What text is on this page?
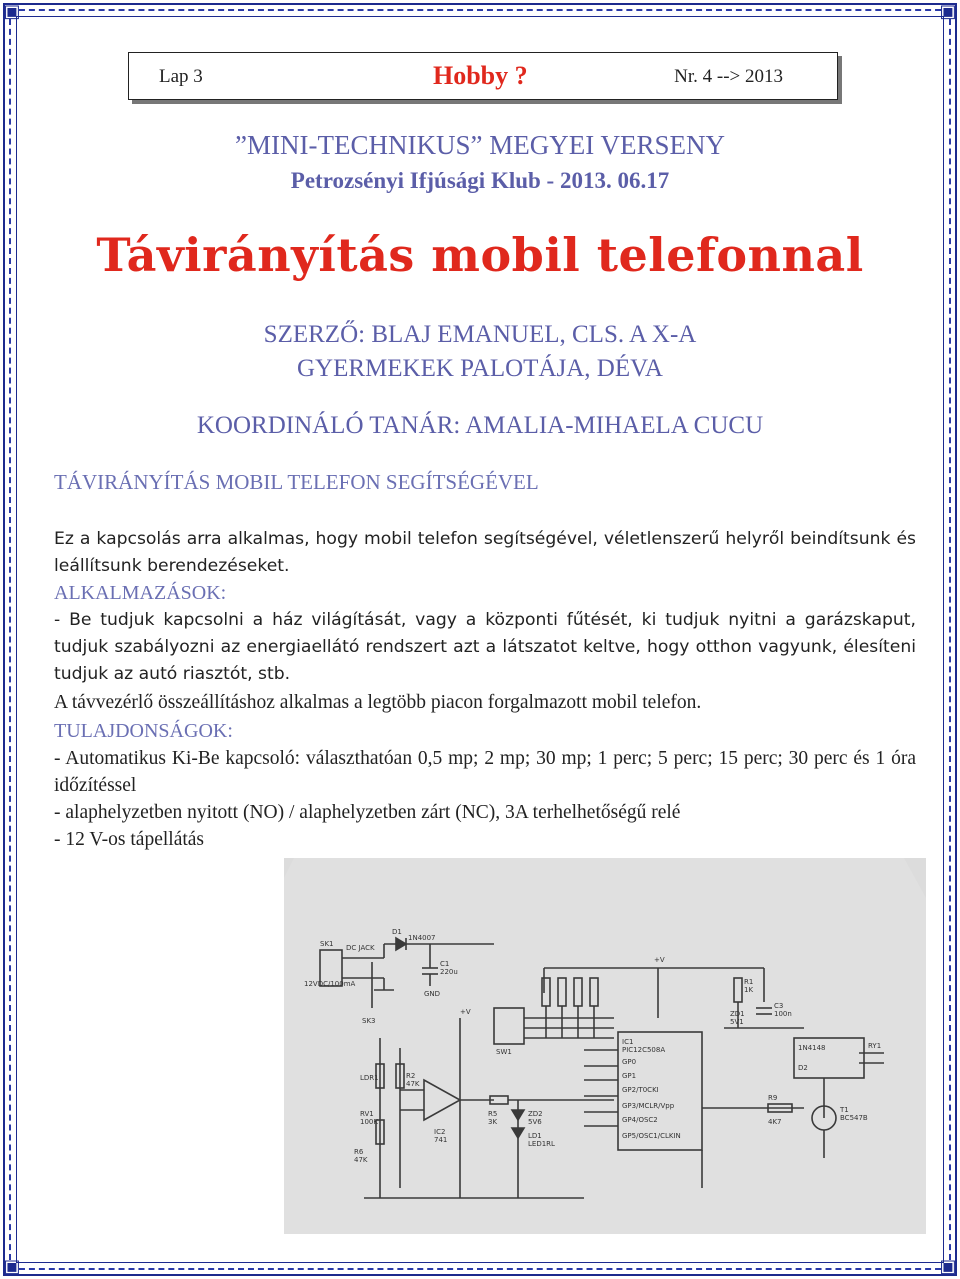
▣	▣
▣	▣
Lap 3	Hobby ?	Nr. 4 --> 2013
”MINI-TECHNIKUS” MEGYEI VERSENY
Petrozsényi Ifjúsági Klub - 2013. 06.17
Távirányítás mobil telefonnal
SZERZŐ: BLAJ EMANUEL, CLS. A X-A
GYERMEKEK PALOTÁJA, DÉVA
KOORDINÁLÓ TANÁR: AMALIA-MIHAELA CUCU
TÁVIRÁNYÍTÁS MOBIL TELEFON SEGÍTSÉGÉVEL
Ez a kapcsolás arra alkalmas, hogy mobil telefon segítségével, véletlenszerű helyről beindítsunk és leállítsunk berendezéseket.
ALKALMAZÁSOK:
- Be tudjuk kapcsolni a ház világítását, vagy a központi fűtését, ki tudjuk nyitni a garázskaput, tudjuk szabályozni az energiaellátó rendszert azt a látszatot keltve, hogy otthon vagyunk, élesíteni tudjuk az autó riasztót, stb.
A távvezérlő összeállításhoz alkalmas a legtöbb piacon forgalmazott mobil telefon.
TULAJDONSÁGOK:
- Automatikus Ki-Be kapcsoló: választhatóan 0,5 mp; 2 mp; 30 mp; 1 perc; 5 perc; 15 perc; 30 perc és 1 óra időzítéssel
- alaphelyzetben nyitott (NO) / alaphelyzetben zárt (NC), 3A terhelhetőségű relé
- 12 V-os tápellátás
SK1 DC JACK
D1
1N4007
C1
220u
12VDC/100mA
GND
SK3
IC1
PIC12C508A
GP0
GP1
GP2/T0CKI
GP3/MCLR/Vpp
GP4/OSC2
GP5/OSC1/CLKIN
SW1
R1
1K
ZD1
5V1
C3
100n
1N4148
D2
RY1
R9
4K7
T1
BC547B
LDR1
RV1
100K
IC2
741
R5
3K
ZD2
5V6
LD1
LED1RL
R6
47K
R2
47K
+V
+V
